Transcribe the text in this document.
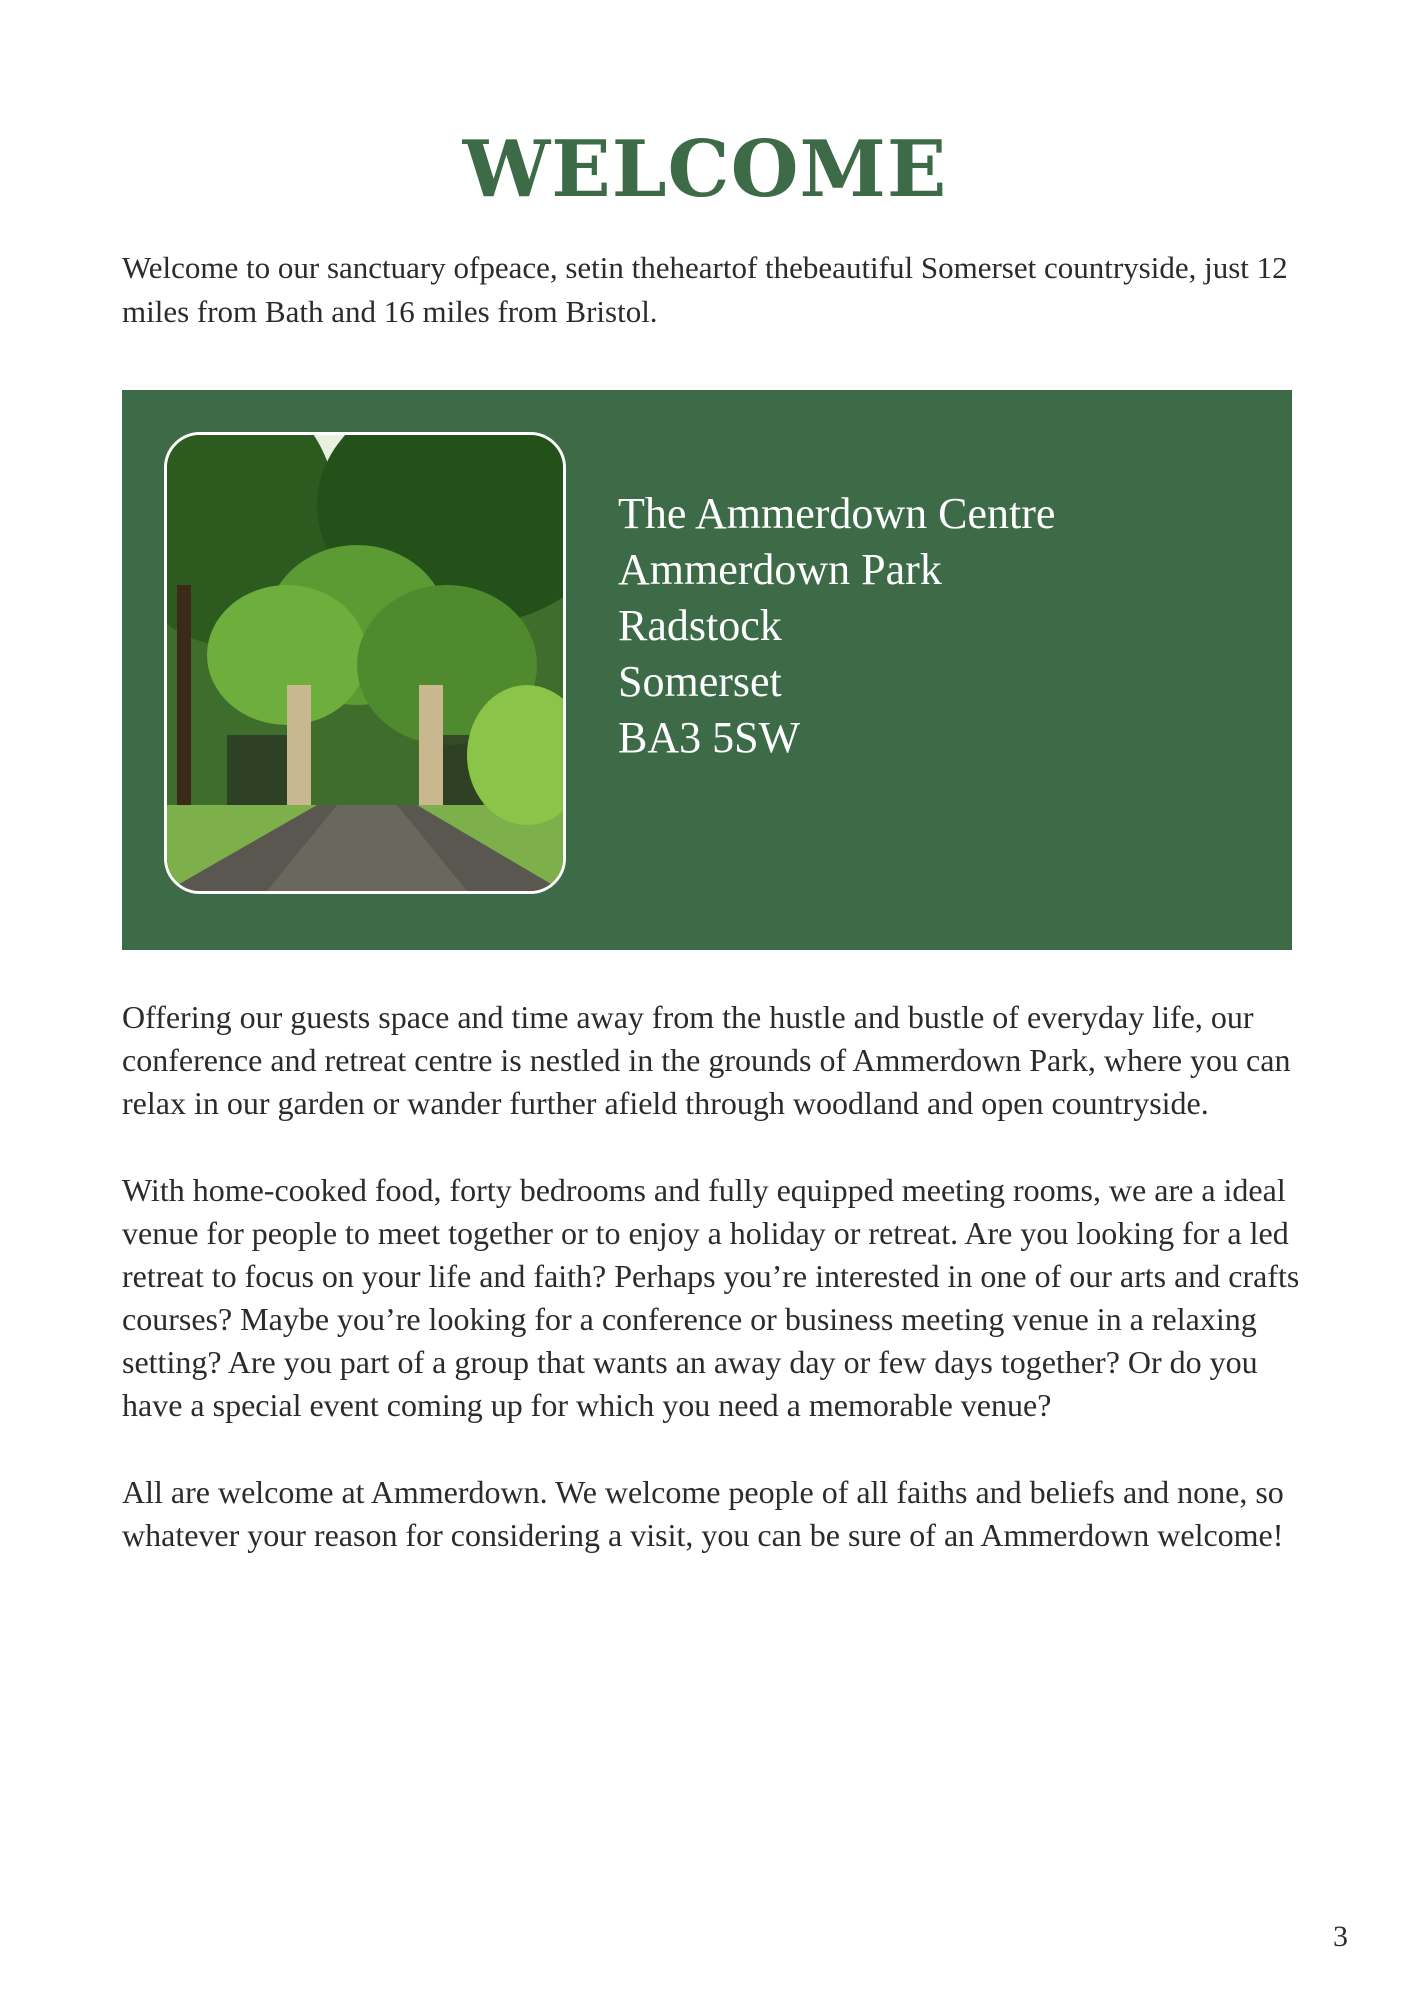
WELCOME

Welcome to our sanctuary ofpeace, setin theheartof thebeautiful Somerset countryside, just 12 miles from Bath and 16 miles from Bristol.

The Ammerdown Centre
Ammerdown Park
Radstock
Somerset
BA3 5SW

Offering our guests space and time away from the hustle and bustle of everyday life, our conference and retreat centre is nestled in the grounds of Ammerdown Park, where you can relax in our garden or wander further afield through woodland and open countryside.

With home-cooked food, forty bedrooms and fully equipped meeting rooms, we are a ideal venue for people to meet together or to enjoy a holiday or retreat. Are you looking for a led retreat to focus on your life and faith? Perhaps you’re interested in one of our arts and crafts courses? Maybe you’re looking for a conference or business meeting venue in a relaxing setting? Are you part of a group that wants an away day or few days together? Or do you have a special event coming up for which you need a memorable venue?

All are welcome at Ammerdown. We welcome people of all faiths and beliefs and none, so whatever your reason for considering a visit, you can be sure of an Ammerdown welcome!

3
